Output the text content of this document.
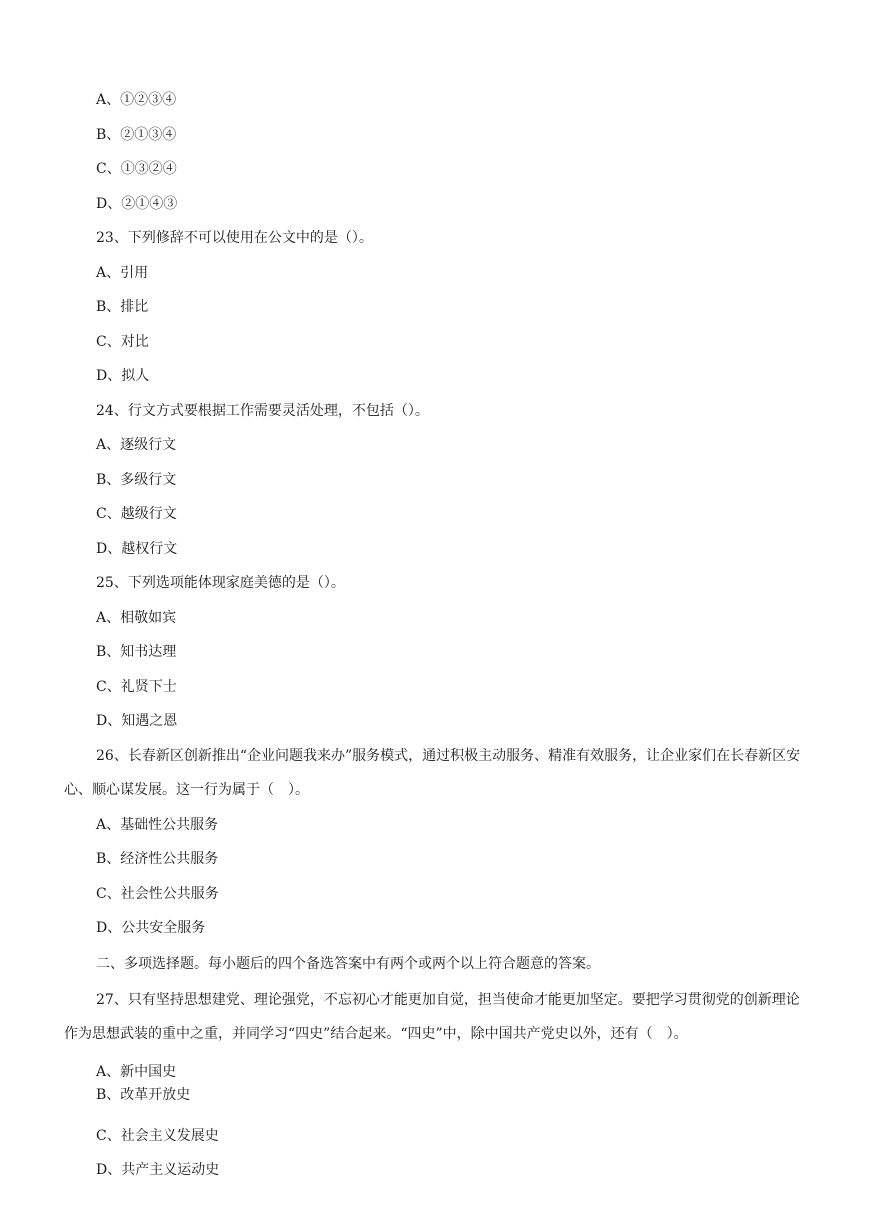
A、①②③④
B、②①③④
C、①③②④
D、②①④③
23、下列修辞不可以使用在公文中的是（）。
A、引用
B、排比
C、对比
D、拟人
24、行文方式要根据工作需要灵活处理，不包括（）。
A、逐级行文
B、多级行文
C、越级行文
D、越权行文
25、下列选项能体现家庭美德的是（）。
A、相敬如宾
B、知书达理
C、礼贤下士
D、知遇之恩
26、长春新区创新推出“企业问题我来办”服务模式，通过积极主动服务、精准有效服务，让企业家们在长春新区安心、顺心谋发展。这一行为属于（　）。
A、基础性公共服务
B、经济性公共服务
C、社会性公共服务
D、公共安全服务
二、多项选择题。每小题后的四个备选答案中有两个或两个以上符合题意的答案。
27、只有坚持思想建党、理论强党，不忘初心才能更加自觉，担当使命才能更加坚定。要把学习贯彻党的创新理论作为思想武装的重中之重，并同学习“四史”结合起来。“四史”中，除中国共产党史以外，还有（　）。
A、新中国史
B、改革开放史
C、社会主义发展史
D、共产主义运动史
